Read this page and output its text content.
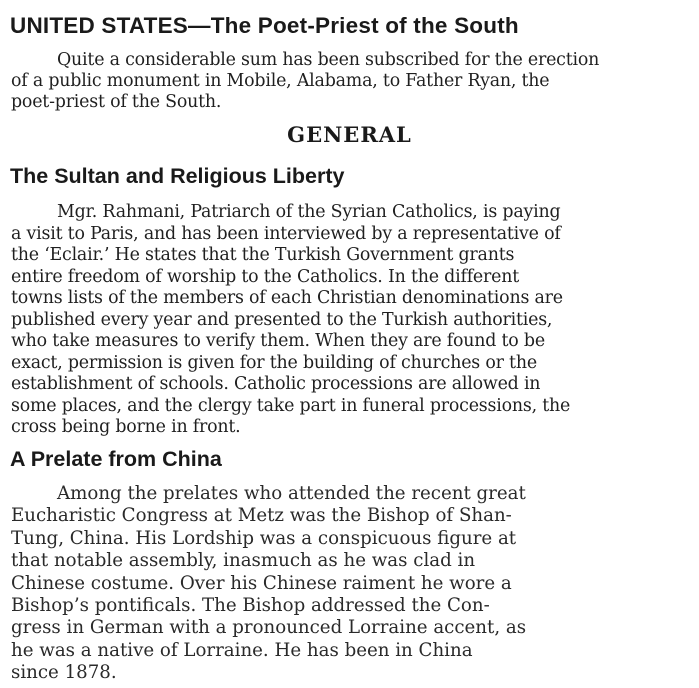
UNITED STATES—The Poet-Priest of the South

Quite a considerable sum has been subscribed for the erection
of a public monument in Mobile, Alabama, to Father Ryan, the
poet-priest of the South.

GENERAL
The Sultan and Religious Liberty

Mgr. Rahmani, Patriarch of the Syrian Catholics, is paying
a visit to Paris, and has been interviewed by a representative of
the ‘Eclair.’ He states that the Turkish Government grants
entire freedom of worship to the Catholics. In the different
towns lists of the members of each Christian denominations are
published every year and presented to the Turkish authorities,
who take measures to verify them. When they are found to be
exact, permission is given for the building of churches or the
establishment of schools. Catholic processions are allowed in
some places, and the clergy take part in funeral processions, the
cross being borne in front.

A Prelate from China

Among the prelates who attended the recent great
Eucharistic Congress at Metz was the Bishop of Shan-
Tung, China. His Lordship was a conspicuous figure at
that notable assembly, inasmuch as he was clad in
Chinese costume. Over his Chinese raiment he wore a
Bishop’s pontificals. The Bishop addressed the Con-
gress in German with a pronounced Lorraine accent, as
he was a native of Lorraine. He has been in China
since 1878.
